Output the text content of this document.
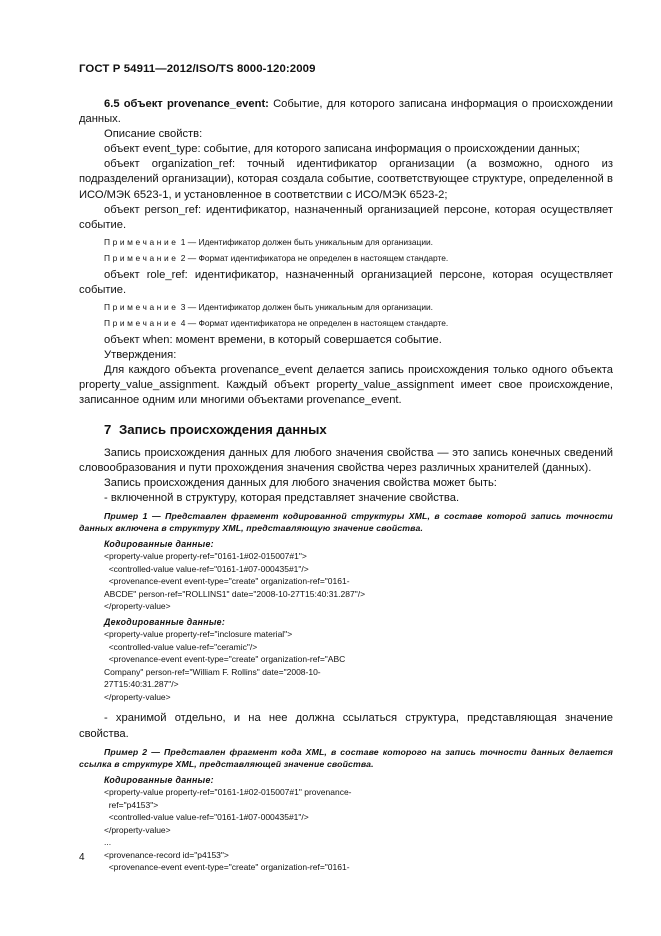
ГОСТ Р 54911—2012/ISO/TS 8000-120:2009

6.5 объект provenance_event: Событие, для которого записана информация о происхождении данных.

Описание свойств:

объект event_type: событие, для которого записана информация о происхождении данных;

объект organization_ref: точный идентификатор организации (а возможно, одного из подразделений организации), которая создала событие, соответствующее структуре, определенной в ИСО/МЭК 6523-1, и установленное в соответствии с ИСО/МЭК 6523-2;

объект person_ref: идентификатор, назначенный организацией персоне, которая осуществляет событие.

Примечание 1 — Идентификатор должен быть уникальным для организации.

Примечание 2 — Формат идентификатора не определен в настоящем стандарте.

объект role_ref: идентификатор, назначенный организацией персоне, которая осуществляет событие.

Примечание 3 — Идентификатор должен быть уникальным для организации.

Примечание 4 — Формат идентификатора не определен в настоящем стандарте.

объект when: момент времени, в который совершается событие.

Утверждения:

Для каждого объекта provenance_event делается запись происхождения только одного объекта property_value_assignment. Каждый объект property_value_assignment имеет свое происхождение, записанное одним или многими объектами provenance_event.

7 Запись происхождения данных

Запись происхождения данных для любого значения свойства — это запись конечных сведений словообразования и пути прохождения значения свойства через различных хранителей (данных).

Запись происхождения данных для любого значения свойства может быть:

- включенной в структуру, которая представляет значение свойства.

Пример 1 — Представлен фрагмент кодированной структуры XML, в составе которой запись точности данных включена в структуру XML, представляющую значение свойства.

Кодированные данные:
<property-value property-ref="0161-1#02-015007#1">
<controlled-value value-ref="0161-1#07-000435#1"/>
<provenance-event event-type="create" organization-ref="0161-
ABCDE" person-ref="ROLLINS1" date="2008-10-27T15:40:31.287"/>
</property-value>
Декодированные данные:
<property-value property-ref="inclosure material">
<controlled-value value-ref="ceramic"/>
<provenance-event event-type="create" organization-ref="ABC
Company" person-ref="William F. Rollins" date="2008-10-
27T15:40:31.287"/>
</property-value>

- хранимой отдельно, и на нее должна ссылаться структура, представляющая значение свойства.

Пример 2 — Представлен фрагмент кода XML, в составе которого на запись точности данных делается ссылка в структуре XML, представляющей значение свойства.

Кодированные данные:
<property-value property-ref="0161-1#02-015007#1" provenance-
ref="p4153">
<controlled-value value-ref="0161-1#07-000435#1"/>
</property-value>
...
<provenance-record id="p4153">
<provenance-event event-type="create" organization-ref="0161-
4
